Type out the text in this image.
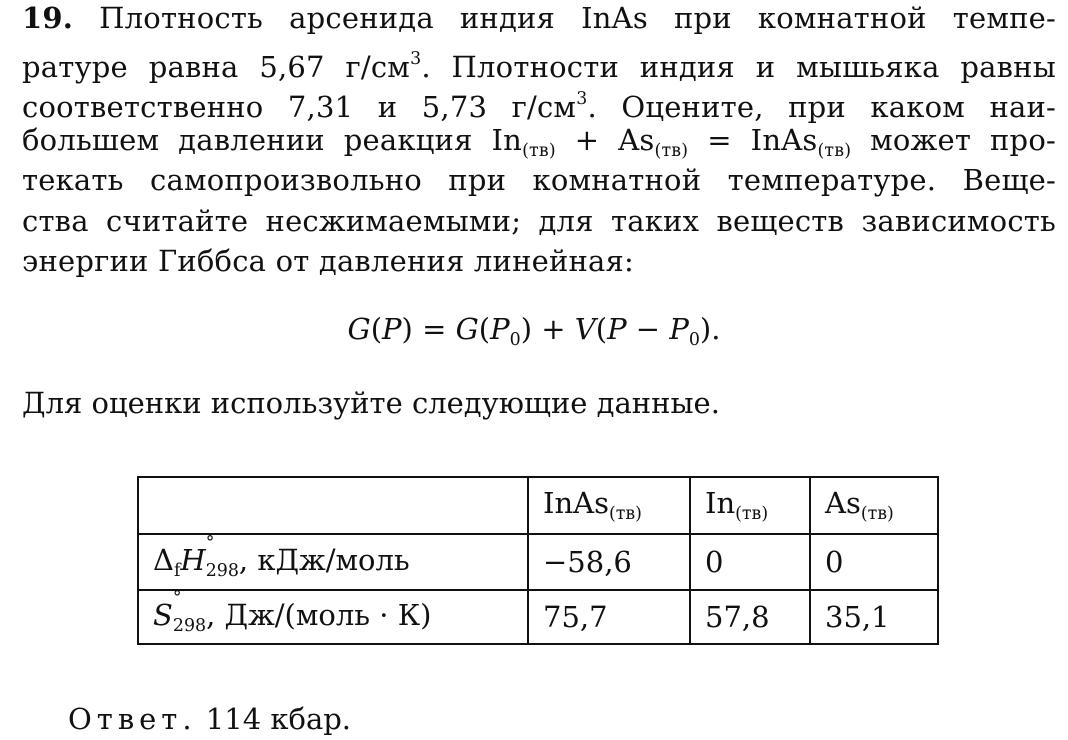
19. Плотность арсенида индия InAs при комнатной темпе-
ратуре равна 5,67 $г/см^3$. Плотности индия и мышьяка равны
соответственно 7,31 и 5,73 $г/см^3$. Оцените, при каком наи-
большем давлении реакция $In_{(тв)} + As_{(тв)}$ = InAs$_{(тв)}$ может про-
текать самопроизвольно при комнатной температуре. Веще-
ства считайте несжимаемыми; для таких веществ зависимость
энергии Гиббса от давления линейная:
$G(P) = G(P_0) + V(P - P_0)$.
Для оценки используйте следующие данные.
	InAs$_{(тв)}$	$In_{(тв)}$	$As_{(тв)}$
$\Delta_fH$ °
$_{298}$, кДж/моль	−58,6	0	0
S °
$_{298}$, Дж/(моль · К)	75,7	57,8	35,1
Ответ. 114 кбар.
